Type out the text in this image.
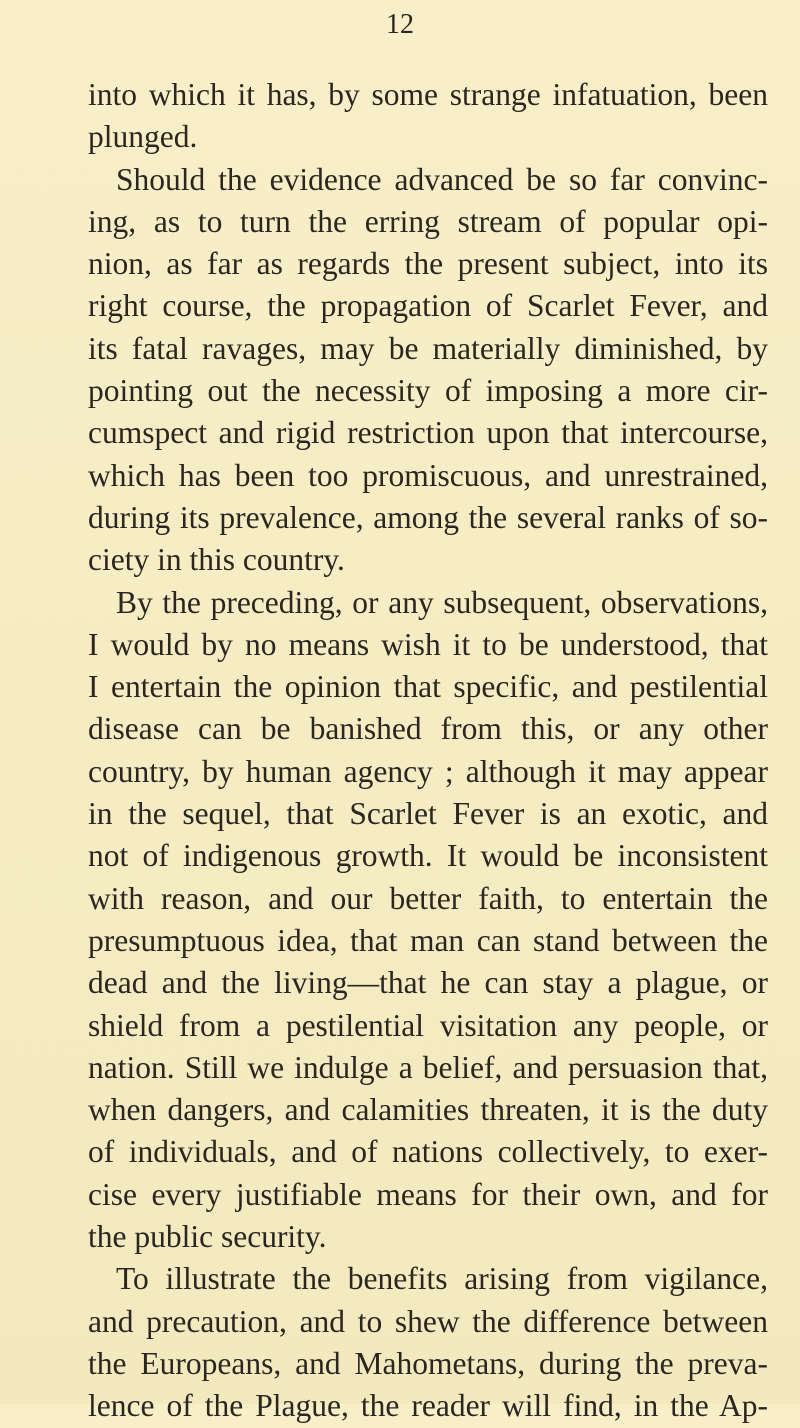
12
into which it has, by some strange infatuation, been
plunged.
Should the evidence advanced be so far convinc-
ing, as to turn the erring stream of popular opi-
nion, as far as regards the present subject, into its
right course, the propagation of Scarlet Fever, and
its fatal ravages, may be materially diminished, by
pointing out the necessity of imposing a more cir-
cumspect and rigid restriction upon that intercourse,
which has been too promiscuous, and unrestrained,
during its prevalence, among the several ranks of so-
ciety in this country.
By the preceding, or any subsequent, observations,
I would by no means wish it to be understood, that
I entertain the opinion that specific, and pestilential
disease can be banished from this, or any other
country, by human agency ; although it may appear
in the sequel, that Scarlet Fever is an exotic, and
not of indigenous growth. It would be inconsistent
with reason, and our better faith, to entertain the
presumptuous idea, that man can stand between the
dead and the living—that he can stay a plague, or
shield from a pestilential visitation any people, or
nation. Still we indulge a belief, and persuasion that,
when dangers, and calamities threaten, it is the duty
of individuals, and of nations collectively, to exer-
cise every justifiable means for their own, and for
the public security.
To illustrate the benefits arising from vigilance,
and precaution, and to shew the difference between
the Europeans, and Mahometans, during the preva-
lence of the Plague, the reader will find, in the Ap-
